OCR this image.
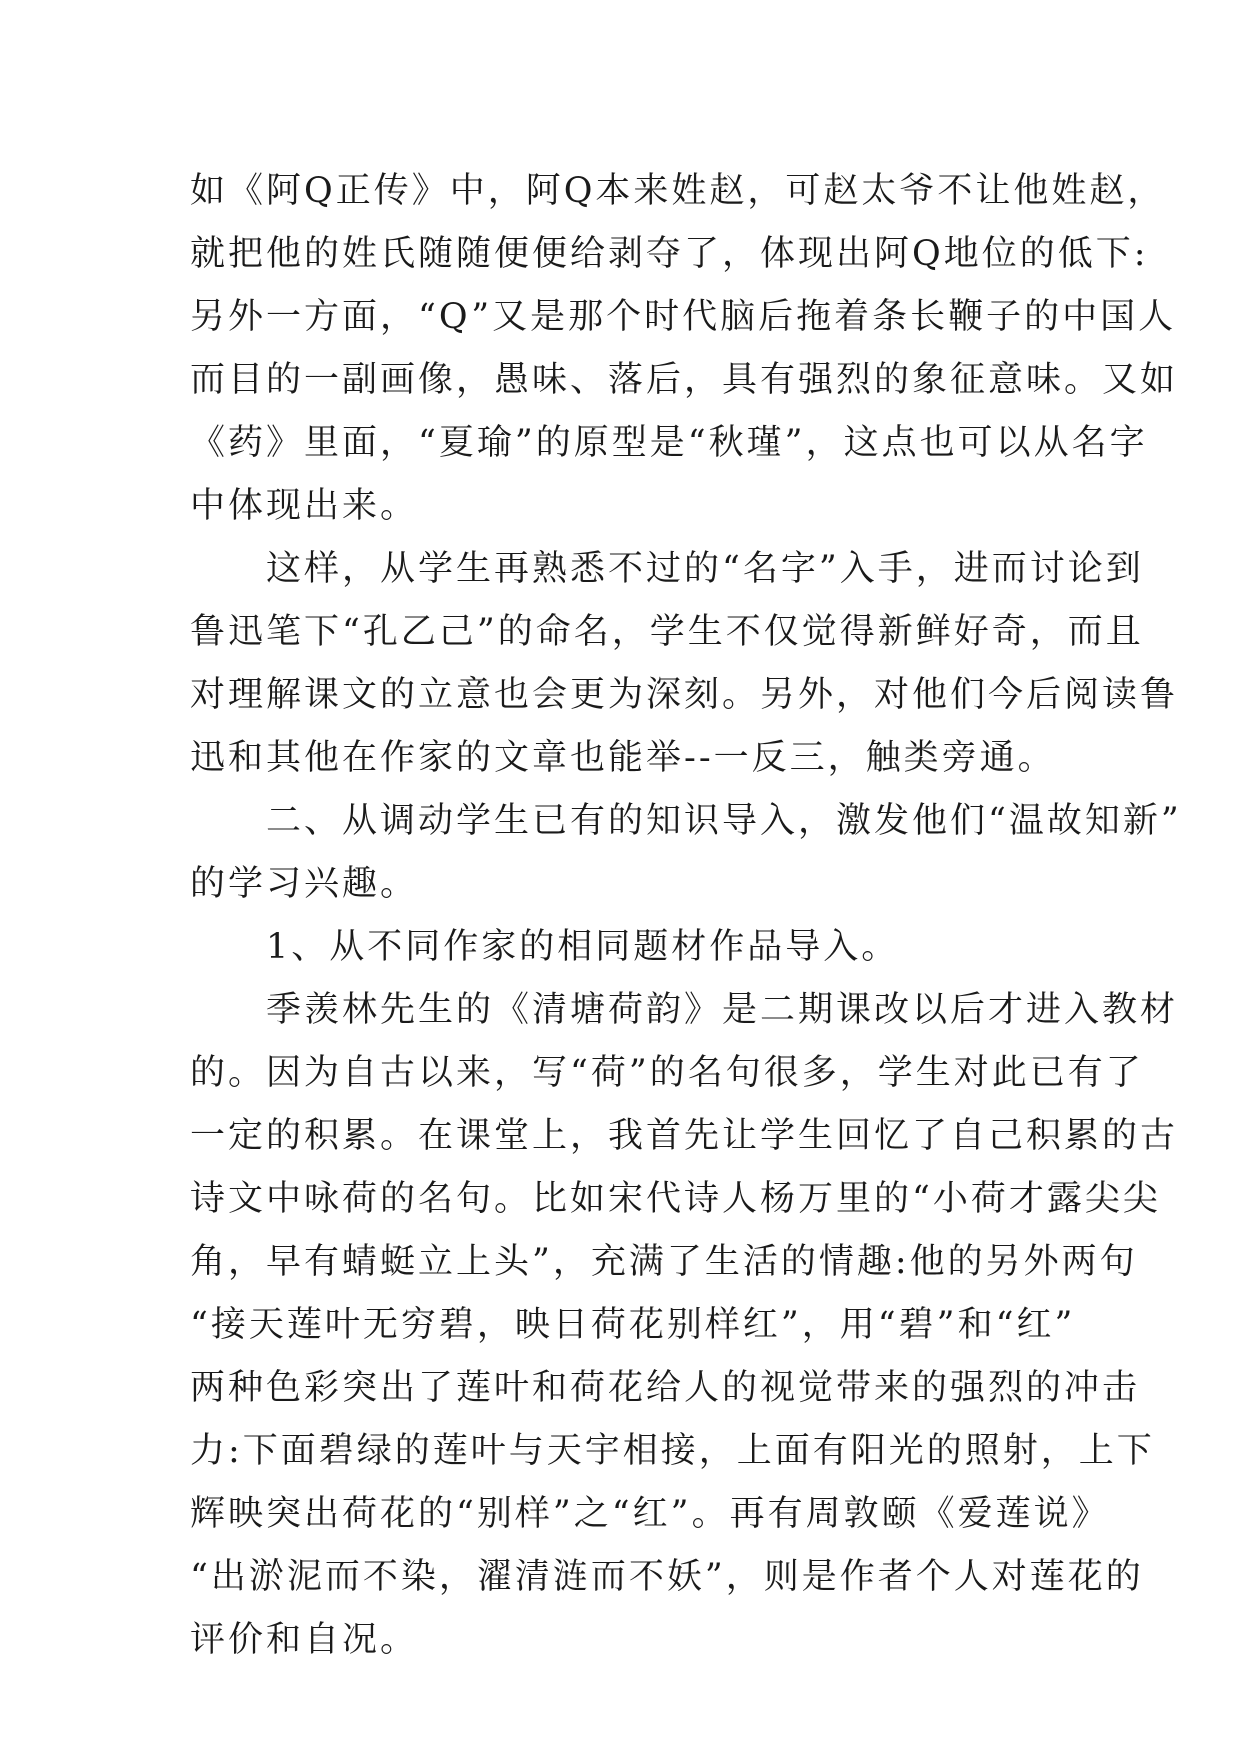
如《阿Q正传》中，阿Q本来姓赵，可赵太爷不让他姓赵，
就把他的姓氏随随便便给剥夺了，体现出阿Q地位的低下:
另外一方面，“Q”又是那个时代脑后拖着条长鞭子的中国人
而目的一副画像，愚味、落后，具有强烈的象征意味。又如
《药》里面，“夏瑜”的原型是“秋瑾”，这点也可以从名字
中体现出来。
　　这样，从学生再熟悉不过的“名字”入手，进而讨论到
鲁迅笔下“孔乙己”的命名，学生不仅觉得新鲜好奇，而且
对理解课文的立意也会更为深刻。另外，对他们今后阅读鲁
迅和其他在作家的文章也能举--一反三，触类旁通。
　　二、从调动学生已有的知识导入，激发他们“温故知新”
的学习兴趣。
　　1、从不同作家的相同题材作品导入。
　　季羡林先生的《清塘荷韵》是二期课改以后才进入教材
的。因为自古以来，写“荷”的名句很多，学生对此已有了
一定的积累。在课堂上，我首先让学生回忆了自己积累的古
诗文中咏荷的名句。比如宋代诗人杨万里的“小荷才露尖尖
角，早有蜻蜓立上头”，充满了生活的情趣:他的另外两句
“接天莲叶无穷碧，映日荷花别样红”，用“碧”和“红”
两种色彩突出了莲叶和荷花给人的视觉带来的强烈的冲击
力:下面碧绿的莲叶与天宇相接，上面有阳光的照射，上下
辉映突出荷花的“别样”之“红”。再有周敦颐《爱莲说》
“出淤泥而不染，濯清涟而不妖”，则是作者个人对莲花的
评价和自况。
